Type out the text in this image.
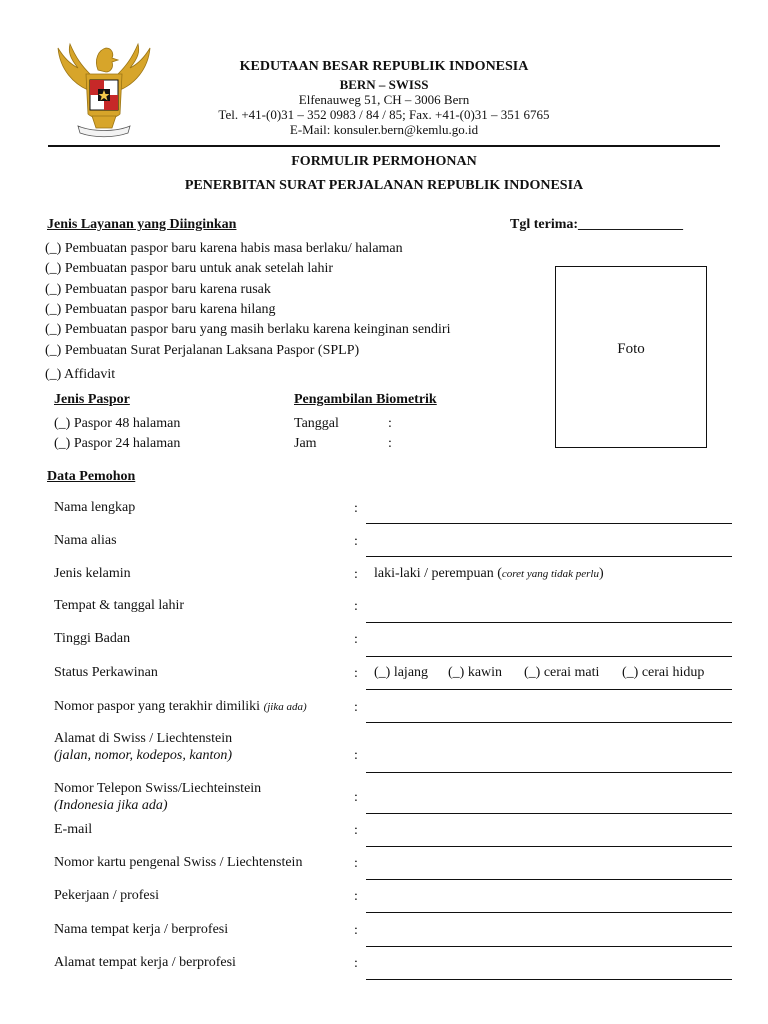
KEDUTAAN BESAR REPUBLIK INDONESIA
BERN – SWISS
Elfenauweg 51, CH – 3006 Bern
Tel. +41-(0)31 – 352 0983 / 84 / 85; Fax. +41-(0)31 – 351 6765
E-Mail: konsuler.bern@kemlu.go.id
FORMULIR PERMOHONAN
PENERBITAN SURAT PERJALANAN REPUBLIK INDONESIA
Jenis Layanan yang Diinginkan	Tgl terima:_______________
(_) Pembuatan paspor baru karena habis masa berlaku/ halaman
(_) Pembuatan paspor baru untuk anak setelah lahir
(_) Pembuatan paspor baru karena rusak
(_) Pembuatan paspor baru karena hilang
(_) Pembuatan paspor baru yang masih berlaku karena keinginan sendiri
(_) Pembuatan Surat Perjalanan Laksana Paspor (SPLP)
(_) Affidavit
Foto
Jenis Paspor
(_) Paspor 48 halaman
(_) Paspor 24 halaman
Pengambilan Biometrik
Tanggal	:
Jam	:
Data Pemohon
Nama lengkap	:
Nama alias	:
Jenis kelamin	: laki-laki / perempuan (coret yang tidak perlu)
Tempat & tanggal lahir	:
Tinggi Badan	:
Status Perkawinan	: (_) lajang (_) kawin (_) cerai mati (_) cerai hidup
Nomor paspor yang terakhir dimiliki (jika ada)	:
Alamat di Swiss / Liechtenstein
(jalan, nomor, kodepos, kanton)	:
Nomor Telepon Swiss/Liechteinstein
(Indonesia jika ada)
:
E-mail	:
Nomor kartu pengenal Swiss / Liechtenstein	:
Pekerjaan / profesi	:
Nama tempat kerja / berprofesi	:
Alamat tempat kerja / berprofesi	:
